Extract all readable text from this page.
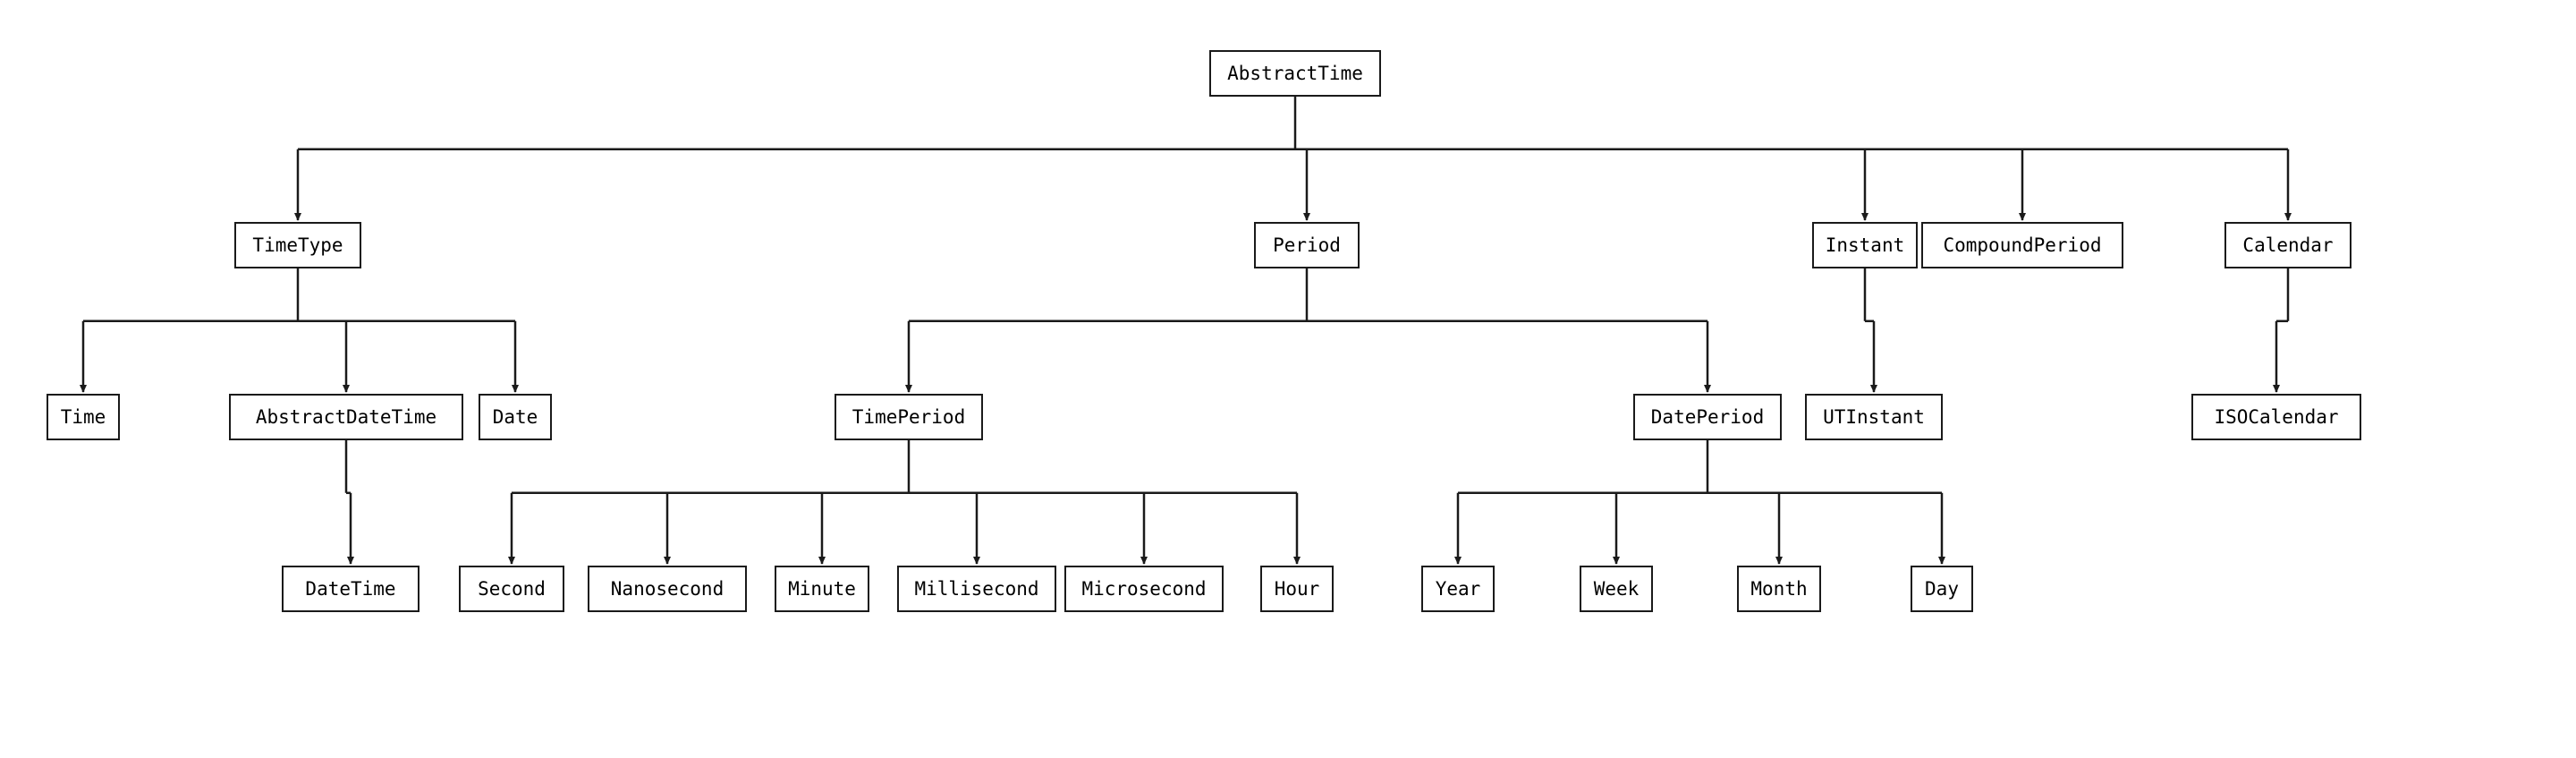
AbstractTime
TimeType	Period	Instant	CompoundPeriod	Calendar
Time	AbstractDateTime	Date	TimePeriod	DatePeriod	UTInstant	ISOCalendar
DateTime	Second	Nanosecond	Minute	Millisecond	Microsecond	Hour	Year	Week	Month	Day
